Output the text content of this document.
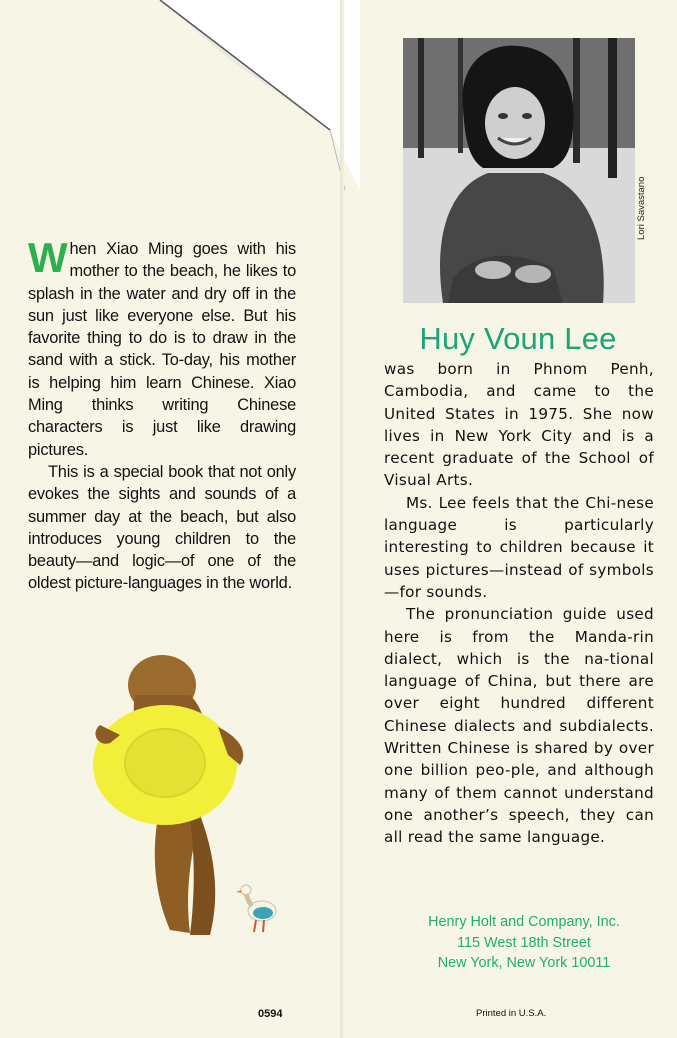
When Xiao Ming goes with his mother to the beach, he likes to splash in the water and dry off in the sun just like everyone else. But his favorite thing to do is to draw in the sand with a stick. To-day, his mother is helping him learn Chinese. Xiao Ming thinks writing Chinese characters is just like drawing pictures.

This is a special book that not only evokes the sights and sounds of a summer day at the beach, but also introduces young children to the beauty—and logic—of one of the oldest picture-languages in the world.

Lori Savastano
Huy Voun Lee

was born in Phnom Penh, Cambodia, and came to the United States in 1975. She now lives in New York City and is a recent graduate of the School of Visual Arts.

Ms. Lee feels that the Chi-nese language is particularly interesting to children because it uses pictures—instead of symbols—for sounds.

The pronunciation guide used here is from the Manda-rin dialect, which is the na-tional language of China, but there are over eight hundred different Chinese dialects and subdialects. Written Chinese is shared by over one billion peo-ple, and although many of them cannot understand one another’s speech, they can all read the same language.

Henry Holt and Company, Inc.
115 West 18th Street
New York, New York 10011
0594	Printed in U.S.A.
